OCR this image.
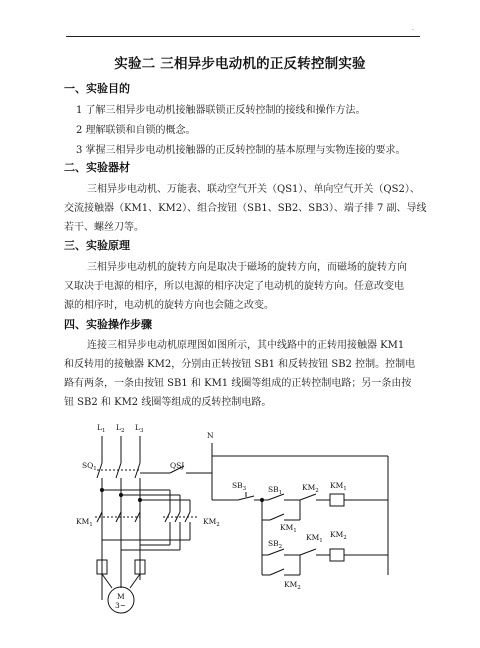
·
实验二 三相异步电动机的正反转控制实验
一、实验目的
1 了解三相异步电动机接触器联锁正反转控制的接线和操作方法。
2 理解联锁和自锁的概念。
3 掌握三相异步电动机接触器的正反转控制的基本原理与实物连接的要求。
二、实验器材
三相异步电动机、万能表、联动空气开关（QS1）、单向空气开关（QS2）、
交流接触器（KM1、KM2）、组合按钮（SB1、SB2、SB3）、端子排 7 副、导线
若干、螺丝刀等。
三、实验原理
三相异步电动机的旋转方向是取决于磁场的旋转方向，而磁场的旋转方向
又取决于电源的相序，所以电源的相序决定了电动机的旋转方向。任意改变电
源的相序时，电动机的旋转方向也会随之改变。
四、实验操作步骤
连接三相异步电动机原理图如图所示，其中线路中的正转用接触器 KM1
和反转用的接触器 KM2，分别由正转按钮 SB1 和反转按钮 SB2 控制。控制电
路有两条，一条由按钮 SB1 和 KM1 线圈等组成的正转控制电路；另一条由按
钮 SB2 和 KM2 线圈等组成的反转控制电路。
$L_1$ $L_2$ $L_3$
$SQ_1$
$KM_1$	$KM_2$
M
3~
QSJ
N
$SB_3$	$SB_1$
$KM_2$
$KM_1$
$KM_1$
$SB_2$
$KM_1$
$KM_2$
$KM_2$
